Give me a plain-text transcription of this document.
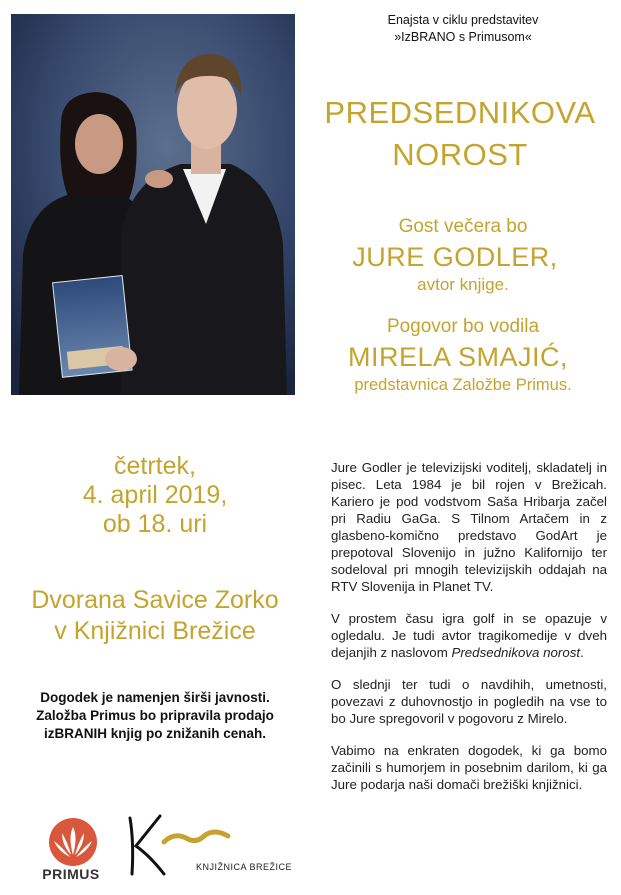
Enajsta v ciklu predstavitev
»IzBRANO s Primusom«
PREDSEDNIKOVA
NOROST
Gost večera bo
JURE GODLER,
avtor knjige.
Pogovor bo vodila
MIRELA SMAJIĆ,
predstavnica Založbe Primus.
četrtek,
4. april 2019,
ob 18. uri
Dvorana Savice Zorko
v Knjižnici Brežice
Dogodek je namenjen širši javnosti.
Založba Primus bo pripravila prodajo
izBRANIH knjig po znižanih cenah.

Jure Godler je televizijski voditelj, skladatelj in pisec. Leta 1984 je bil rojen v Brežicah. Kariero je pod vodstvom Saša Hribarja začel pri Radiu GaGa. S Tilnom Artačem in z glasbeno-komično predstavo GodArt je prepotoval Slovenijo in južno Kalifornijo ter sodeloval pri mnogih televizijskih oddajah na RTV Slovenija in Planet TV.

V prostem času igra golf in se opazuje v ogledalu. Je tudi avtor tragikomedije v dveh dejanjih z naslovom Predsednikova norost.

O slednji ter tudi o navdihih, umetnosti, povezavi z duhovnostjo in pogledih na vse to bo Jure spregovoril v pogovoru z Mirelo.

Vabimo na enkraten dogodek, ki ga bomo začinili s humorjem in posebnim darilom, ki ga Jure podarja naši domači brežiški knjižnici.

PRIMUS	KNJIŽNICA BREŽICE
